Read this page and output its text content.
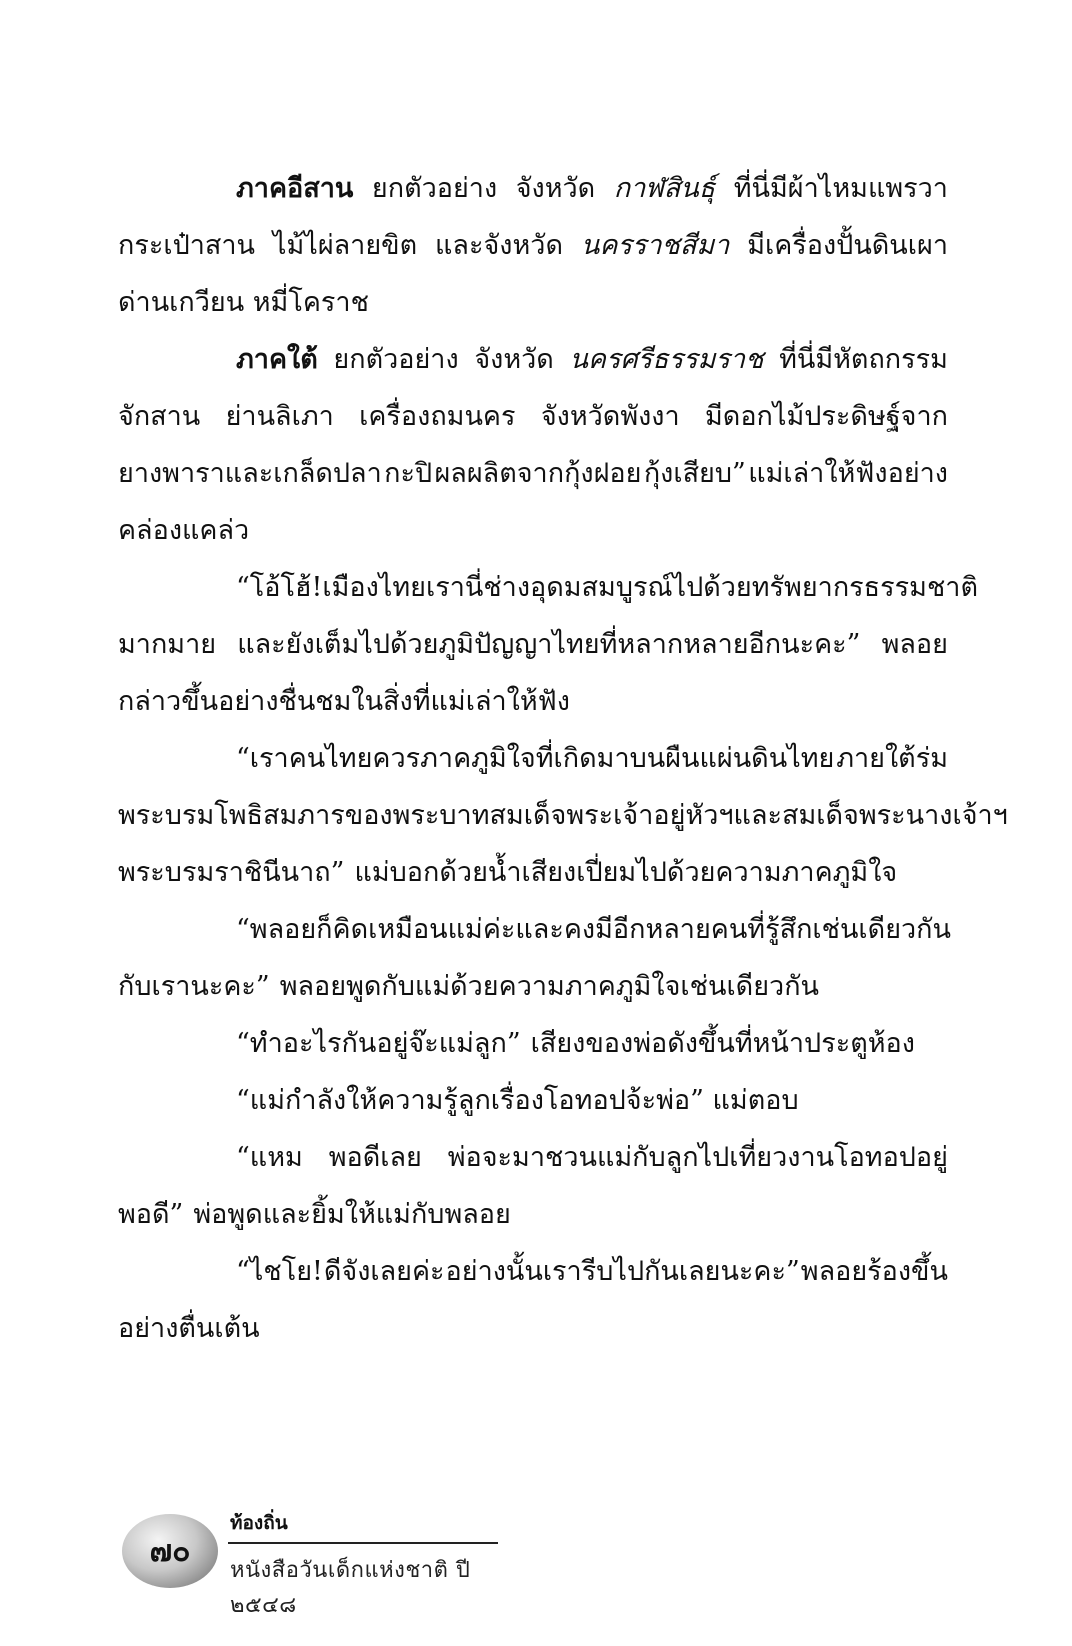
ภาคอีสาน ยกตัวอย่าง จังหวัด กาฬสินธุ์ ที่นี่มีผ้าไหมแพรวา
กระเป๋าสาน ไม้ไผ่ลายขิต และจังหวัด นครราชสีมา มีเครื่องปั้นดินเผา
ด่านเกวียน หมี่โคราช
ภาคใต้ ยกตัวอย่าง จังหวัด นครศรีธรรมราช ที่นี่มีหัตถกรรม
จักสาน ย่านลิเภา เครื่องถมนคร จังหวัดพังงา มีดอกไม้ประดิษฐ์จาก
ยางพาราและเกล็ดปลา กะปิ ผลผลิตจากกุ้งฝอย กุ้งเสียบ” แม่เล่าให้ฟังอย่าง
คล่องแคล่ว
“โอ้โฮ้! เมืองไทยเรานี่ช่างอุดมสมบูรณ์ไปด้วยทรัพยากรธรรมชาติ
มากมาย และยังเต็มไปด้วยภูมิปัญญาไทยที่หลากหลายอีกนะคะ” พลอย
กล่าวขึ้นอย่างชื่นชมในสิ่งที่แม่เล่าให้ฟัง
“เราคนไทยควรภาคภูมิใจที่เกิดมาบนผืนแผ่นดินไทย ภายใต้ร่ม
พระบรมโพธิสมภารของพระบาทสมเด็จพระเจ้าอยู่หัวฯ และสมเด็จพระนางเจ้าฯ
พระบรมราชินีนาถ” แม่บอกด้วยน้ำเสียงเปี่ยมไปด้วยความภาคภูมิใจ
“พลอยก็คิดเหมือนแม่ค่ะ และคงมีอีกหลายคนที่รู้สึกเช่นเดียวกัน
กับเรานะคะ” พลอยพูดกับแม่ด้วยความภาคภูมิใจเช่นเดียวกัน
“ทำอะไรกันอยู่จ๊ะแม่ลูก” เสียงของพ่อดังขึ้นที่หน้าประตูห้อง
“แม่กำลังให้ความรู้ลูกเรื่องโอทอปจ้ะพ่อ” แม่ตอบ
“แหม พอดีเลย พ่อจะมาชวนแม่กับลูกไปเที่ยวงานโอทอปอยู่
พอดี” พ่อพูดและยิ้มให้แม่กับพลอย
“ไชโย! ดีจังเลยค่ะ อย่างนั้นเรารีบไปกันเลยนะคะ” พลอยร้องขึ้น
อย่างตื่นเต้น
๗๐
ท้องถิ่น
หนังสือวันเด็กแห่งชาติ ปี ๒๕๔๘
